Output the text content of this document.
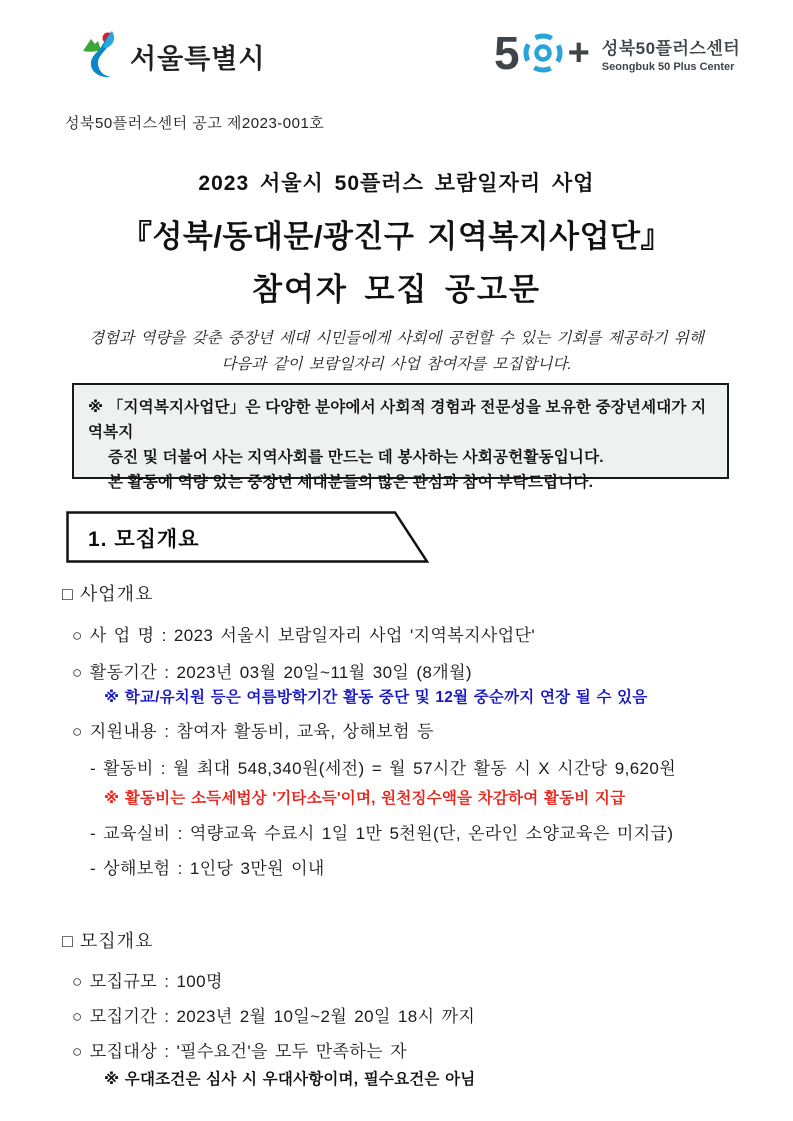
서울특별시	5 + 성북50플러스센터
Seongbuk 50 Plus Center
성북50플러스센터 공고 제2023-001호
2023 서울시 50플러스 보람일자리 사업
『성북/동대문/광진구 지역복지사업단』
참여자 모집 공고문
경험과 역량을 갖춘 중장년 세대 시민들에게 사회에 공헌할 수 있는 기회를 제공하기 위해
다음과 같이 보람일자리 사업 참여자를 모집합니다.
※ 「지역복지사업단」은 다양한 분야에서 사회적 경험과 전문성을 보유한 중장년세대가 지역복지
증진 및 더불어 사는 지역사회를 만드는 데 봉사하는 사회공헌활동입니다.
본 활동에 역량 있는 중장년 세대분들의 많은 관심과 참여 부탁드립니다.
1. 모집개요
□ 사업개요
○ 사 업 명 : 2023 서울시 보람일자리 사업 '지역복지사업단'
○ 활동기간 : 2023년 03월 20일~11월 30일 (8개월)
※ 학교/유치원 등은 여름방학기간 활동 중단 및 12월 중순까지 연장 될 수 있음
○ 지원내용 : 참여자 활동비, 교육, 상해보험 등
- 활동비 : 월 최대 548,340원(세전) = 월 57시간 활동 시 X 시간당 9,620원
※ 활동비는 소득세법상 '기타소득'이며, 원천징수액을 차감하여 활동비 지급
- 교육실비 : 역량교육 수료시 1일 1만 5천원(단, 온라인 소양교육은 미지급)
- 상해보험 : 1인당 3만원 이내
□ 모집개요
○ 모집규모 : 100명
○ 모집기간 : 2023년 2월 10일~2월 20일 18시 까지
○ 모집대상 : '필수요건'을 모두 만족하는 자
※ 우대조건은 심사 시 우대사항이며, 필수요건은 아님
